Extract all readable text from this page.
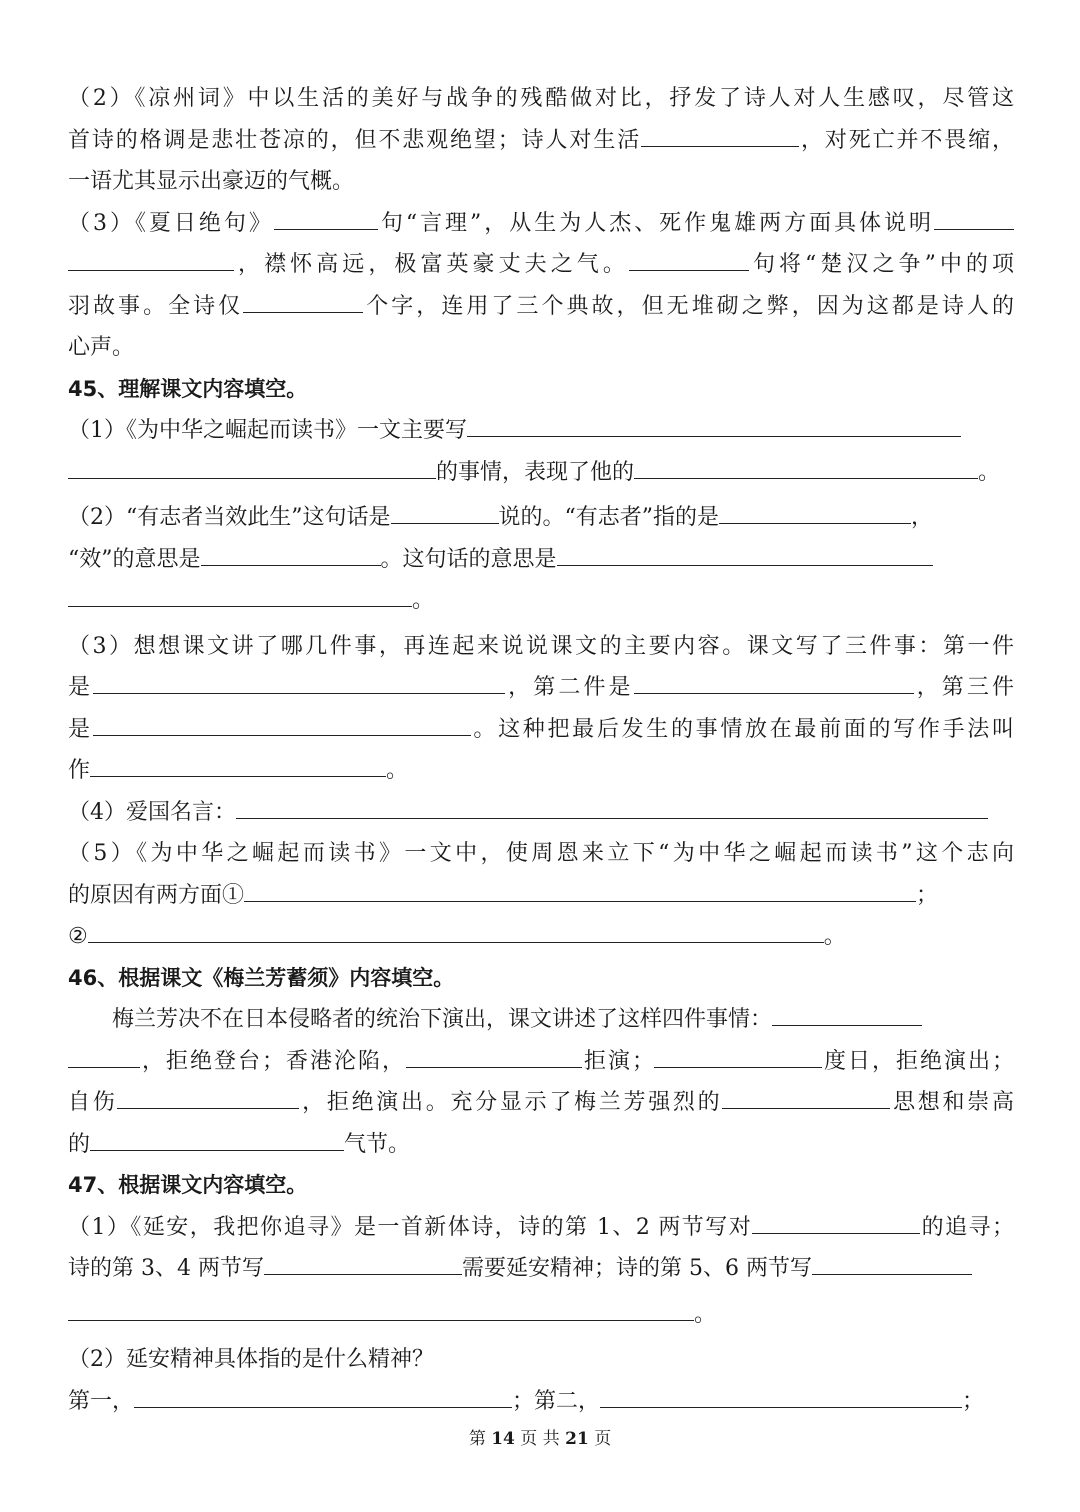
（2）《凉州词》中以生活的美好与战争的残酷做对比，抒发了诗人对人生感叹，尽管这
首诗的格调是悲壮苍凉的，但不悲观绝望；诗人对生活	，对死亡并不畏缩，
一语尤其显示出豪迈的气概。
（3）《夏日绝句》	句“言理”，从生为人杰、死作鬼雄两方面具体说明
，襟怀高远，极富英豪丈夫之气。	句将“楚汉之争”中的项
羽故事。全诗仅	个字，连用了三个典故，但无堆砌之弊，因为这都是诗人的
心声。
45、理解课文内容填空。
（1）《为中华之崛起而读书》一文主要写
的事情，表现了他的	。
（2）“有志者当效此生”这句话是	说的。“有志者”指的是	，
“效”的意思是	。这句话的意思是
。
（3）想想课文讲了哪几件事，再连起来说说课文的主要内容。课文写了三件事：第一件
是	，第二件是	，第三件
是	。这种把最后发生的事情放在最前面的写作手法叫
作	。
（4）爱国名言：
（5）《为中华之崛起而读书》一文中，使周恩来立下“为中华之崛起而读书”这个志向
的原因有两方面①	；
②	。
46、根据课文《梅兰芳蓄须》内容填空。
梅兰芳决不在日本侵略者的统治下演出，课文讲述了这样四件事情：
，拒绝登台；香港沦陷，	拒演；	度日，拒绝演出；
自伤	，拒绝演出。充分显示了梅兰芳强烈的	思想和崇高
的	气节。
47、根据课文内容填空。
（1）《延安，我把你追寻》是一首新体诗，诗的第 1、2 两节写对	的追寻；
诗的第 3、4 两节写	需要延安精神；诗的第 5、6 两节写
。
（2）延安精神具体指的是什么精神？
第一，	；第二，	；
第 14 页 共 21 页
